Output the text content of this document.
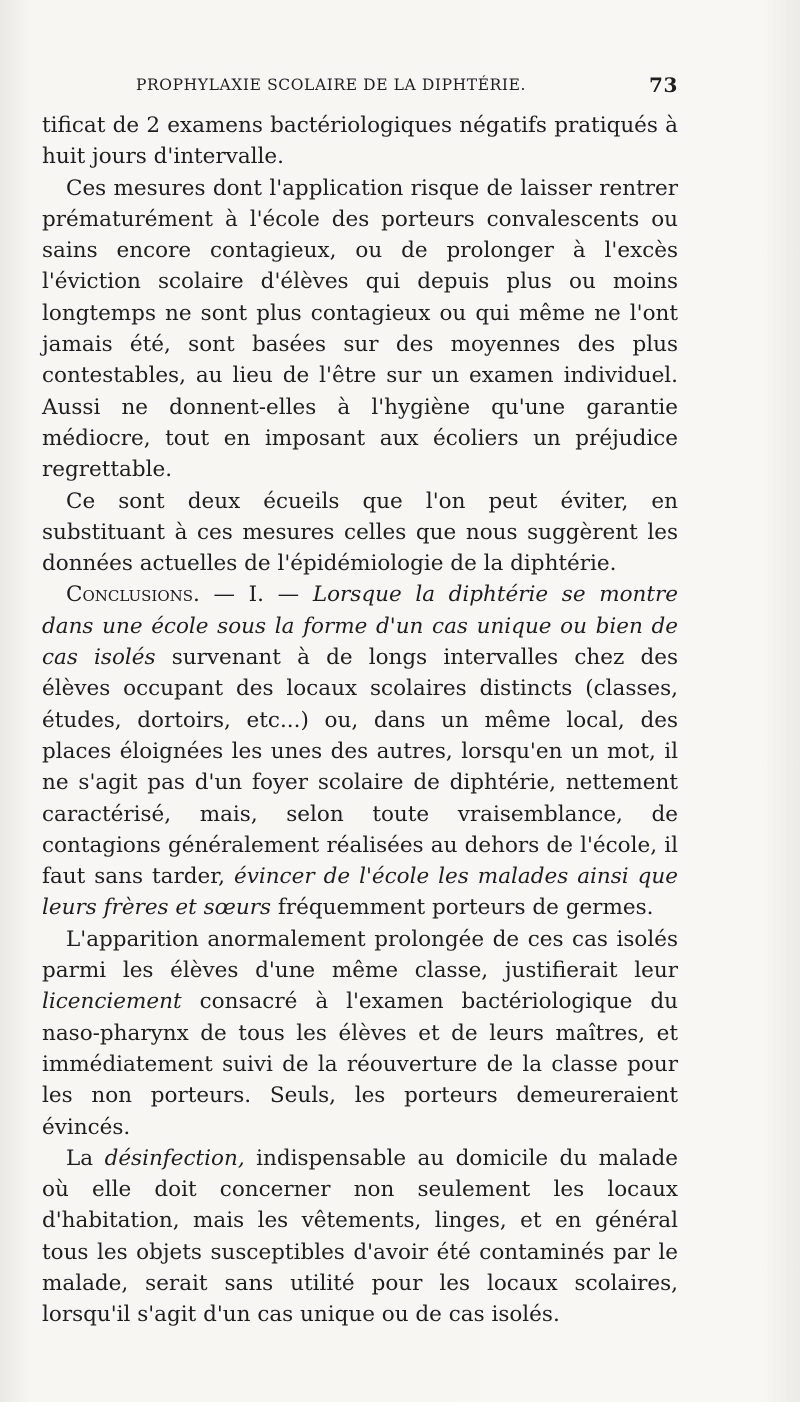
PROPHYLAXIE SCOLAIRE DE LA DIPHTÉRIE.	73

tificat de 2 examens bactériologiques négatifs pratiqués à huit jours d'intervalle.

Ces mesures dont l'application risque de laisser rentrer prématurément à l'école des porteurs convalescents ou sains encore contagieux, ou de prolonger à l'excès l'éviction scolaire d'élèves qui depuis plus ou moins longtemps ne sont plus contagieux ou qui même ne l'ont jamais été, sont basées sur des moyennes des plus contestables, au lieu de l'être sur un examen individuel. Aussi ne donnent-elles à l'hygiène qu'une garantie médiocre, tout en imposant aux écoliers un préjudice regrettable.

Ce sont deux écueils que l'on peut éviter, en substituant à ces mesures celles que nous suggèrent les données actuelles de l'épidémiologie de la diphtérie.

Conclusions. — I. — Lorsque la diphtérie se montre dans une école sous la forme d'un cas unique ou bien de cas isolés survenant à de longs intervalles chez des élèves occupant des locaux scolaires distincts (classes, études, dortoirs, etc...) ou, dans un même local, des places éloignées les unes des autres, lorsqu'en un mot, il ne s'agit pas d'un foyer scolaire de diphtérie, nettement caractérisé, mais, selon toute vraisemblance, de contagions généralement réalisées au dehors de l'école, il faut sans tarder, évincer de l'école les malades ainsi que leurs frères et sœurs fréquemment porteurs de germes.

L'apparition anormalement prolongée de ces cas isolés parmi les élèves d'une même classe, justifierait leur licenciement consacré à l'examen bactériologique du naso-pharynx de tous les élèves et de leurs maîtres, et immédiatement suivi de la réouverture de la classe pour les non porteurs. Seuls, les porteurs demeureraient évincés.

La désinfection, indispensable au domicile du malade où elle doit concerner non seulement les locaux d'habitation, mais les vêtements, linges, et en général tous les objets susceptibles d'avoir été contaminés par le malade, serait sans utilité pour les locaux scolaires, lorsqu'il s'agit d'un cas unique ou de cas isolés.
